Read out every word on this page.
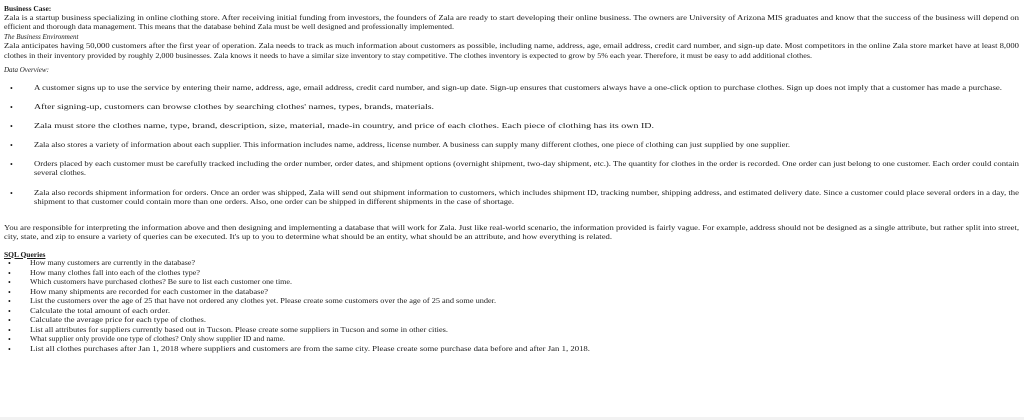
Business Case:
Zala is a startup business specializing in online clothing store. After receiving initial funding from investors, the founders of Zala are ready to start developing their online business. The owners are University of Arizona MIS graduates and know that the success of the business will depend on
efficient and thorough data management. This means that the database behind Zala must be well designed and professionally implemented.
The Business Environment
Zala anticipates having 50,000 customers after the first year of operation. Zala needs to track as much information about customers as possible, including name, address, age, email address, credit card number, and sign-up date. Most competitors in the online Zala store market have at least 8,000
clothes in their inventory provided by roughly 2,000 businesses. Zala knows it needs to have a similar size inventory to stay competitive. The clothes inventory is expected to grow by 5% each year. Therefore, it must be easy to add additional clothes.
Data Overview:
•	A customer signs up to use the service by entering their name, address, age, email address, credit card number, and sign-up date. Sign-up ensures that customers always have a one-click option to purchase clothes. Sign up does not imply that a customer has made a purchase.
•	After signing-up, customers can browse clothes by searching clothes' names, types, brands, materials.
•	Zala must store the clothes name, type, brand, description, size, material, made-in country, and price of each clothes. Each piece of clothing has its own ID.
•	Zala also stores a variety of information about each supplier. This information includes name, address, license number. A business can supply many different clothes, one piece of clothing can just supplied by one supplier.
•	Orders placed by each customer must be carefully tracked including the order number, order dates, and shipment options (overnight shipment, two-day shipment, etc.). The quantity for clothes in the order is recorded. One order can just belong to one customer. Each order could contain
several clothes.
•	Zala also records shipment information for orders. Once an order was shipped, Zala will send out shipment information to customers, which includes shipment ID, tracking number, shipping address, and estimated delivery date. Since a customer could place several orders in a day, the
shipment to that customer could contain more than one orders. Also, one order can be shipped in different shipments in the case of shortage.
You are responsible for interpreting the information above and then designing and implementing a database that will work for Zala. Just like real-world scenario, the information provided is fairly vague. For example, address should not be designed as a single attribute, but rather split into street,
city, state, and zip to ensure a variety of queries can be executed. It's up to you to determine what should be an entity, what should be an attribute, and how everything is related.
SQL Queries
•	How many customers are currently in the database?
•	How many clothes fall into each of the clothes type?
•	Which customers have purchased clothes? Be sure to list each customer one time.
•	How many shipments are recorded for each customer in the database?
•	List the customers over the age of 25 that have not ordered any clothes yet. Please create some customers over the age of 25 and some under.
•	Calculate the total amount of each order.
•	Calculate the average price for each type of clothes.
•	List all attributes for suppliers currently based out in Tucson. Please create some suppliers in Tucson and some in other cities.
•	What supplier only provide one type of clothes? Only show supplier ID and name.
•	List all clothes purchases after Jan 1, 2018 where suppliers and customers are from the same city. Please create some purchase data before and after Jan 1, 2018.
